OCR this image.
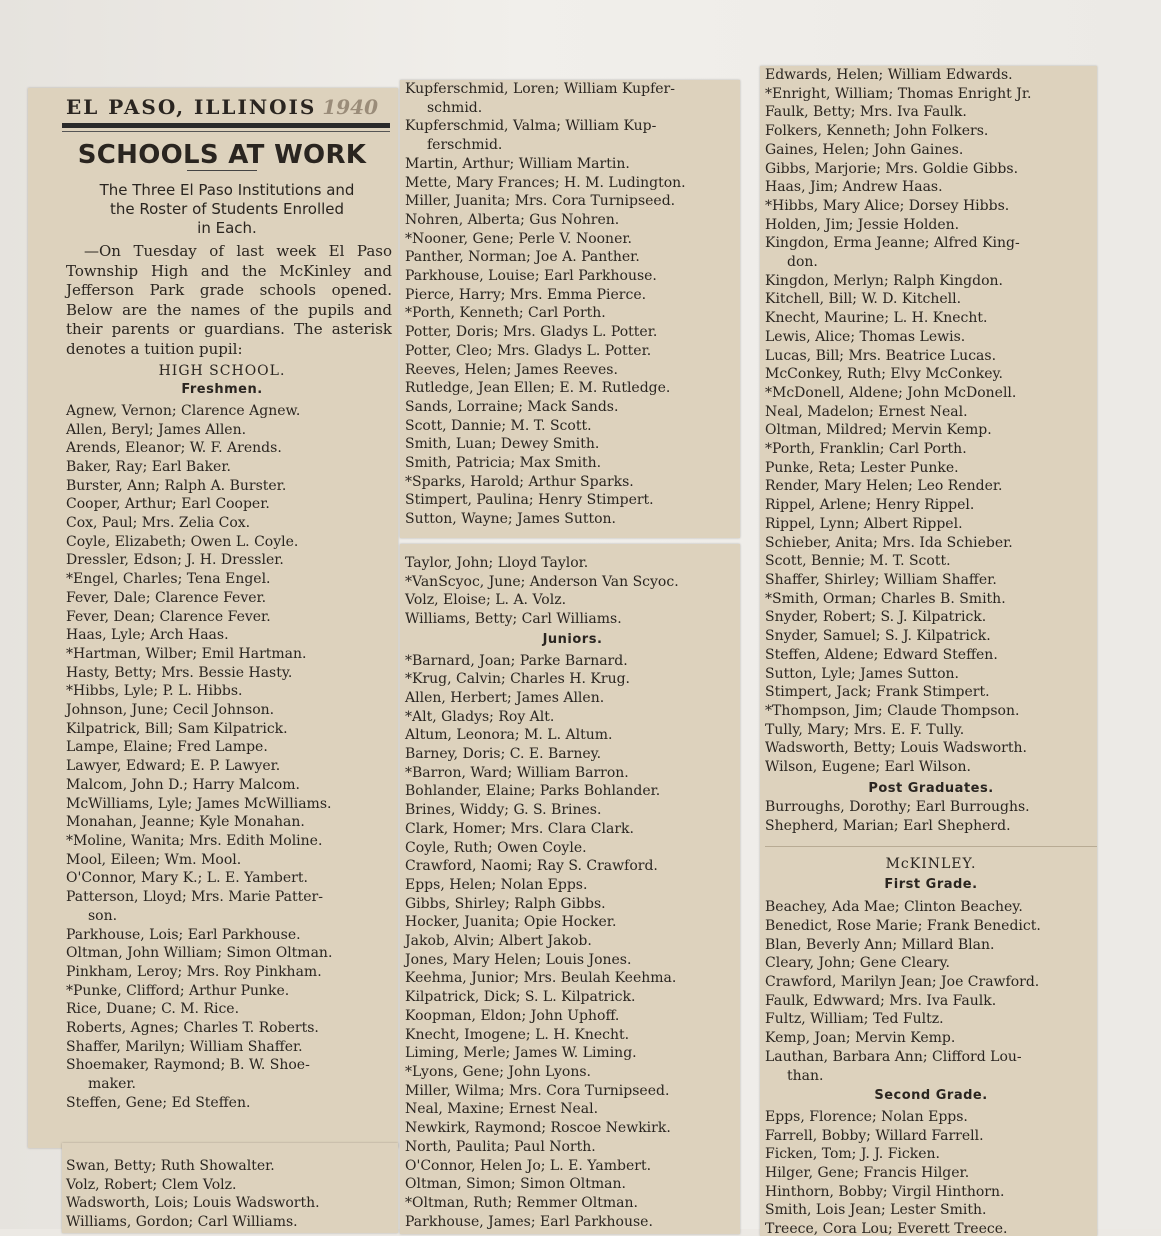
EL PASO, ILLINOIS 1940
SCHOOLS AT WORK
The Three El Paso Institutions and
the Roster of Students Enrolled
in Each.

—On Tuesday of last week El Paso Township High and the McKinley and Jefferson Park grade schools opened. Below are the names of the pupils and their parents or guardians. The asterisk denotes a tuition pupil:

HIGH SCHOOL.

Freshmen.

Agnew, Vernon; Clarence Agnew.

Allen, Beryl; James Allen.

Arends, Eleanor; W. F. Arends.

Baker, Ray; Earl Baker.

Burster, Ann; Ralph A. Burster.

Cooper, Arthur; Earl Cooper.

Cox, Paul; Mrs. Zelia Cox.

Coyle, Elizabeth; Owen L. Coyle.

Dressler, Edson; J. H. Dressler.

*Engel, Charles; Tena Engel.

Fever, Dale; Clarence Fever.

Fever, Dean; Clarence Fever.

Haas, Lyle; Arch Haas.

*Hartman, Wilber; Emil Hartman.

Hasty, Betty; Mrs. Bessie Hasty.

*Hibbs, Lyle; P. L. Hibbs.

Johnson, June; Cecil Johnson.

Kilpatrick, Bill; Sam Kilpatrick.

Lampe, Elaine; Fred Lampe.

Lawyer, Edward; E. P. Lawyer.

Malcom, John D.; Harry Malcom.

McWilliams, Lyle; James McWilliams.

Monahan, Jeanne; Kyle Monahan.

*Moline, Wanita; Mrs. Edith Moline.

Mool, Eileen; Wm. Mool.

O'Connor, Mary K.; L. E. Yambert.

Patterson, Lloyd; Mrs. Marie Patter-

son.

Parkhouse, Lois; Earl Parkhouse.

Oltman, John William; Simon Oltman.

Pinkham, Leroy; Mrs. Roy Pinkham.

*Punke, Clifford; Arthur Punke.

Rice, Duane; C. M. Rice.

Roberts, Agnes; Charles T. Roberts.

Shaffer, Marilyn; William Shaffer.

Shoemaker, Raymond; B. W. Shoe-

maker.

Steffen, Gene; Ed Steffen.

Swan, Betty; Ruth Showalter.

Volz, Robert; Clem Volz.

Wadsworth, Lois; Louis Wadsworth.

Williams, Gordon; Carl Williams.

Kupferschmid, Loren; William Kupfer-

schmid.

Kupferschmid, Valma; William Kup-

ferschmid.

Martin, Arthur; William Martin.

Mette, Mary Frances; H. M. Ludington.

Miller, Juanita; Mrs. Cora Turnipseed.

Nohren, Alberta; Gus Nohren.

*Nooner, Gene; Perle V. Nooner.

Panther, Norman; Joe A. Panther.

Parkhouse, Louise; Earl Parkhouse.

Pierce, Harry; Mrs. Emma Pierce.

*Porth, Kenneth; Carl Porth.

Potter, Doris; Mrs. Gladys L. Potter.

Potter, Cleo; Mrs. Gladys L. Potter.

Reeves, Helen; James Reeves.

Rutledge, Jean Ellen; E. M. Rutledge.

Sands, Lorraine; Mack Sands.

Scott, Dannie; M. T. Scott.

Smith, Luan; Dewey Smith.

Smith, Patricia; Max Smith.

*Sparks, Harold; Arthur Sparks.

Stimpert, Paulina; Henry Stimpert.

Sutton, Wayne; James Sutton.

Taylor, John; Lloyd Taylor.

*VanScyoc, June; Anderson Van Scyoc.

Volz, Eloise; L. A. Volz.

Williams, Betty; Carl Williams.

Juniors.

*Barnard, Joan; Parke Barnard.

*Krug, Calvin; Charles H. Krug.

Allen, Herbert; James Allen.

*Alt, Gladys; Roy Alt.

Altum, Leonora; M. L. Altum.

Barney, Doris; C. E. Barney.

*Barron, Ward; William Barron.

Bohlander, Elaine; Parks Bohlander.

Brines, Widdy; G. S. Brines.

Clark, Homer; Mrs. Clara Clark.

Coyle, Ruth; Owen Coyle.

Crawford, Naomi; Ray S. Crawford.

Epps, Helen; Nolan Epps.

Gibbs, Shirley; Ralph Gibbs.

Hocker, Juanita; Opie Hocker.

Jakob, Alvin; Albert Jakob.

Jones, Mary Helen; Louis Jones.

Keehma, Junior; Mrs. Beulah Keehma.

Kilpatrick, Dick; S. L. Kilpatrick.

Koopman, Eldon; John Uphoff.

Knecht, Imogene; L. H. Knecht.

Liming, Merle; James W. Liming.

*Lyons, Gene; John Lyons.

Miller, Wilma; Mrs. Cora Turnipseed.

Neal, Maxine; Ernest Neal.

Newkirk, Raymond; Roscoe Newkirk.

North, Paulita; Paul North.

O'Connor, Helen Jo; L. E. Yambert.

Oltman, Simon; Simon Oltman.

*Oltman, Ruth; Remmer Oltman.

Parkhouse, James; Earl Parkhouse.

Edwards, Helen; William Edwards.

*Enright, William; Thomas Enright Jr.

Faulk, Betty; Mrs. Iva Faulk.

Folkers, Kenneth; John Folkers.

Gaines, Helen; John Gaines.

Gibbs, Marjorie; Mrs. Goldie Gibbs.

Haas, Jim; Andrew Haas.

*Hibbs, Mary Alice; Dorsey Hibbs.

Holden, Jim; Jessie Holden.

Kingdon, Erma Jeanne; Alfred King-

don.

Kingdon, Merlyn; Ralph Kingdon.

Kitchell, Bill; W. D. Kitchell.

Knecht, Maurine; L. H. Knecht.

Lewis, Alice; Thomas Lewis.

Lucas, Bill; Mrs. Beatrice Lucas.

McConkey, Ruth; Elvy McConkey.

*McDonell, Aldene; John McDonell.

Neal, Madelon; Ernest Neal.

Oltman, Mildred; Mervin Kemp.

*Porth, Franklin; Carl Porth.

Punke, Reta; Lester Punke.

Render, Mary Helen; Leo Render.

Rippel, Arlene; Henry Rippel.

Rippel, Lynn; Albert Rippel.

Schieber, Anita; Mrs. Ida Schieber.

Scott, Bennie; M. T. Scott.

Shaffer, Shirley; William Shaffer.

*Smith, Orman; Charles B. Smith.

Snyder, Robert; S. J. Kilpatrick.

Snyder, Samuel; S. J. Kilpatrick.

Steffen, Aldene; Edward Steffen.

Sutton, Lyle; James Sutton.

Stimpert, Jack; Frank Stimpert.

*Thompson, Jim; Claude Thompson.

Tully, Mary; Mrs. E. F. Tully.

Wadsworth, Betty; Louis Wadsworth.

Wilson, Eugene; Earl Wilson.

Post Graduates.

Burroughs, Dorothy; Earl Burroughs.

Shepherd, Marian; Earl Shepherd.

McKINLEY.

First Grade.

Beachey, Ada Mae; Clinton Beachey.

Benedict, Rose Marie; Frank Benedict.

Blan, Beverly Ann; Millard Blan.

Cleary, John; Gene Cleary.

Crawford, Marilyn Jean; Joe Crawford.

Faulk, Edwward; Mrs. Iva Faulk.

Fultz, William; Ted Fultz.

Kemp, Joan; Mervin Kemp.

Lauthan, Barbara Ann; Clifford Lou-

than.

Second Grade.

Epps, Florence; Nolan Epps.

Farrell, Bobby; Willard Farrell.

Ficken, Tom; J. J. Ficken.

Hilger, Gene; Francis Hilger.

Hinthorn, Bobby; Virgil Hinthorn.

Smith, Lois Jean; Lester Smith.

Treece, Cora Lou; Everett Treece.
